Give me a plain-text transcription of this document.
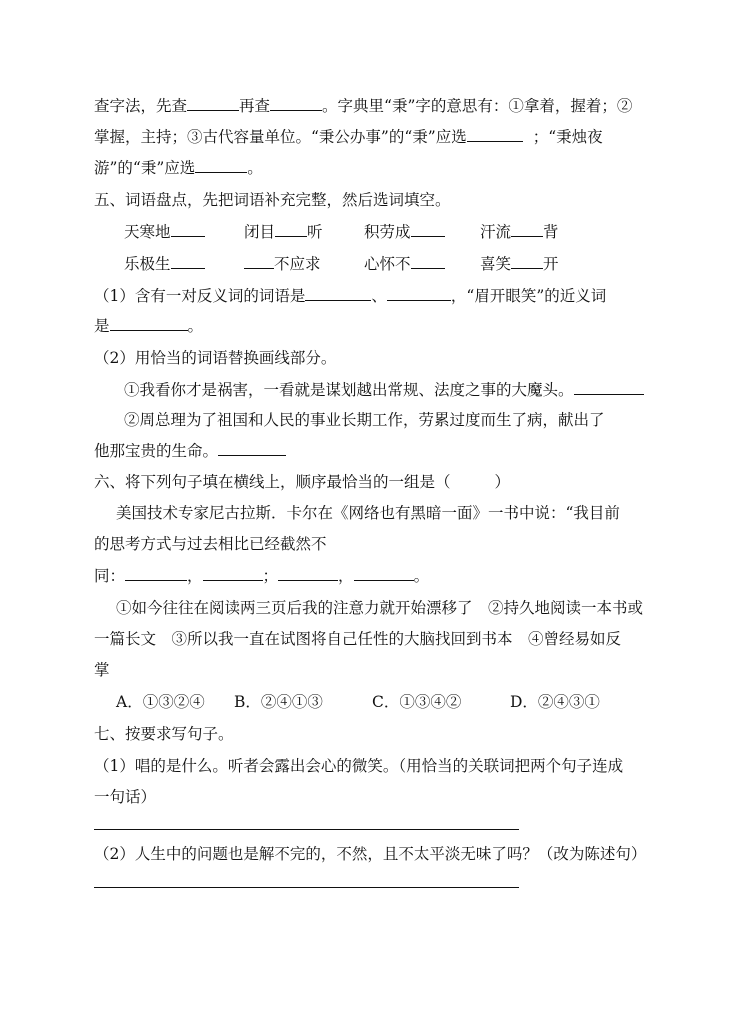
查字法，先查	再查	。字典里“秉”字的意思有：①拿着，握着；②
掌握，主持；③古代容量单位。“秉公办事”的“秉”应选	；“秉烛夜
游”的“秉”应选	。
五、词语盘点，先把词语补充完整，然后选词填空。
天寒地	闭目 听	积劳成	汗流 背
乐极生	不应求	心怀不	喜笑 开
（1）含有一对反义词的词语是	、	，“眉开眼笑”的近义词
是	。
（2）用恰当的词语替换画线部分。
①我看你才是祸害，一看就是谋划越出常规、法度之事的大魔头。
②周总理为了祖国和人民的事业长期工作，劳累过度而生了病，献出了
他那宝贵的生命。
六、将下列句子填在横线上，顺序最恰当的一组是（	）
美国技术专家尼古拉斯．卡尔在《网络也有黑暗一面》一书中说：“我目前
的思考方式与过去相比已经截然不
同：	，	；	，	。
①如今往往在阅读两三页后我的注意力就开始漂移了　②持久地阅读一本书或
一篇长文　③所以我一直在试图将自己任性的大脑找回到书本　④曾经易如反
掌
A．①③②④ B．②④①③	C．①③④②	D．②④③①
七、按要求写句子。
（1）唱的是什么。听者会露出会心的微笑。（用恰当的关联词把两个句子连成
一句话）
（2）人生中的问题也是解不完的，不然，且不太平淡无味了吗？（改为陈述句）
